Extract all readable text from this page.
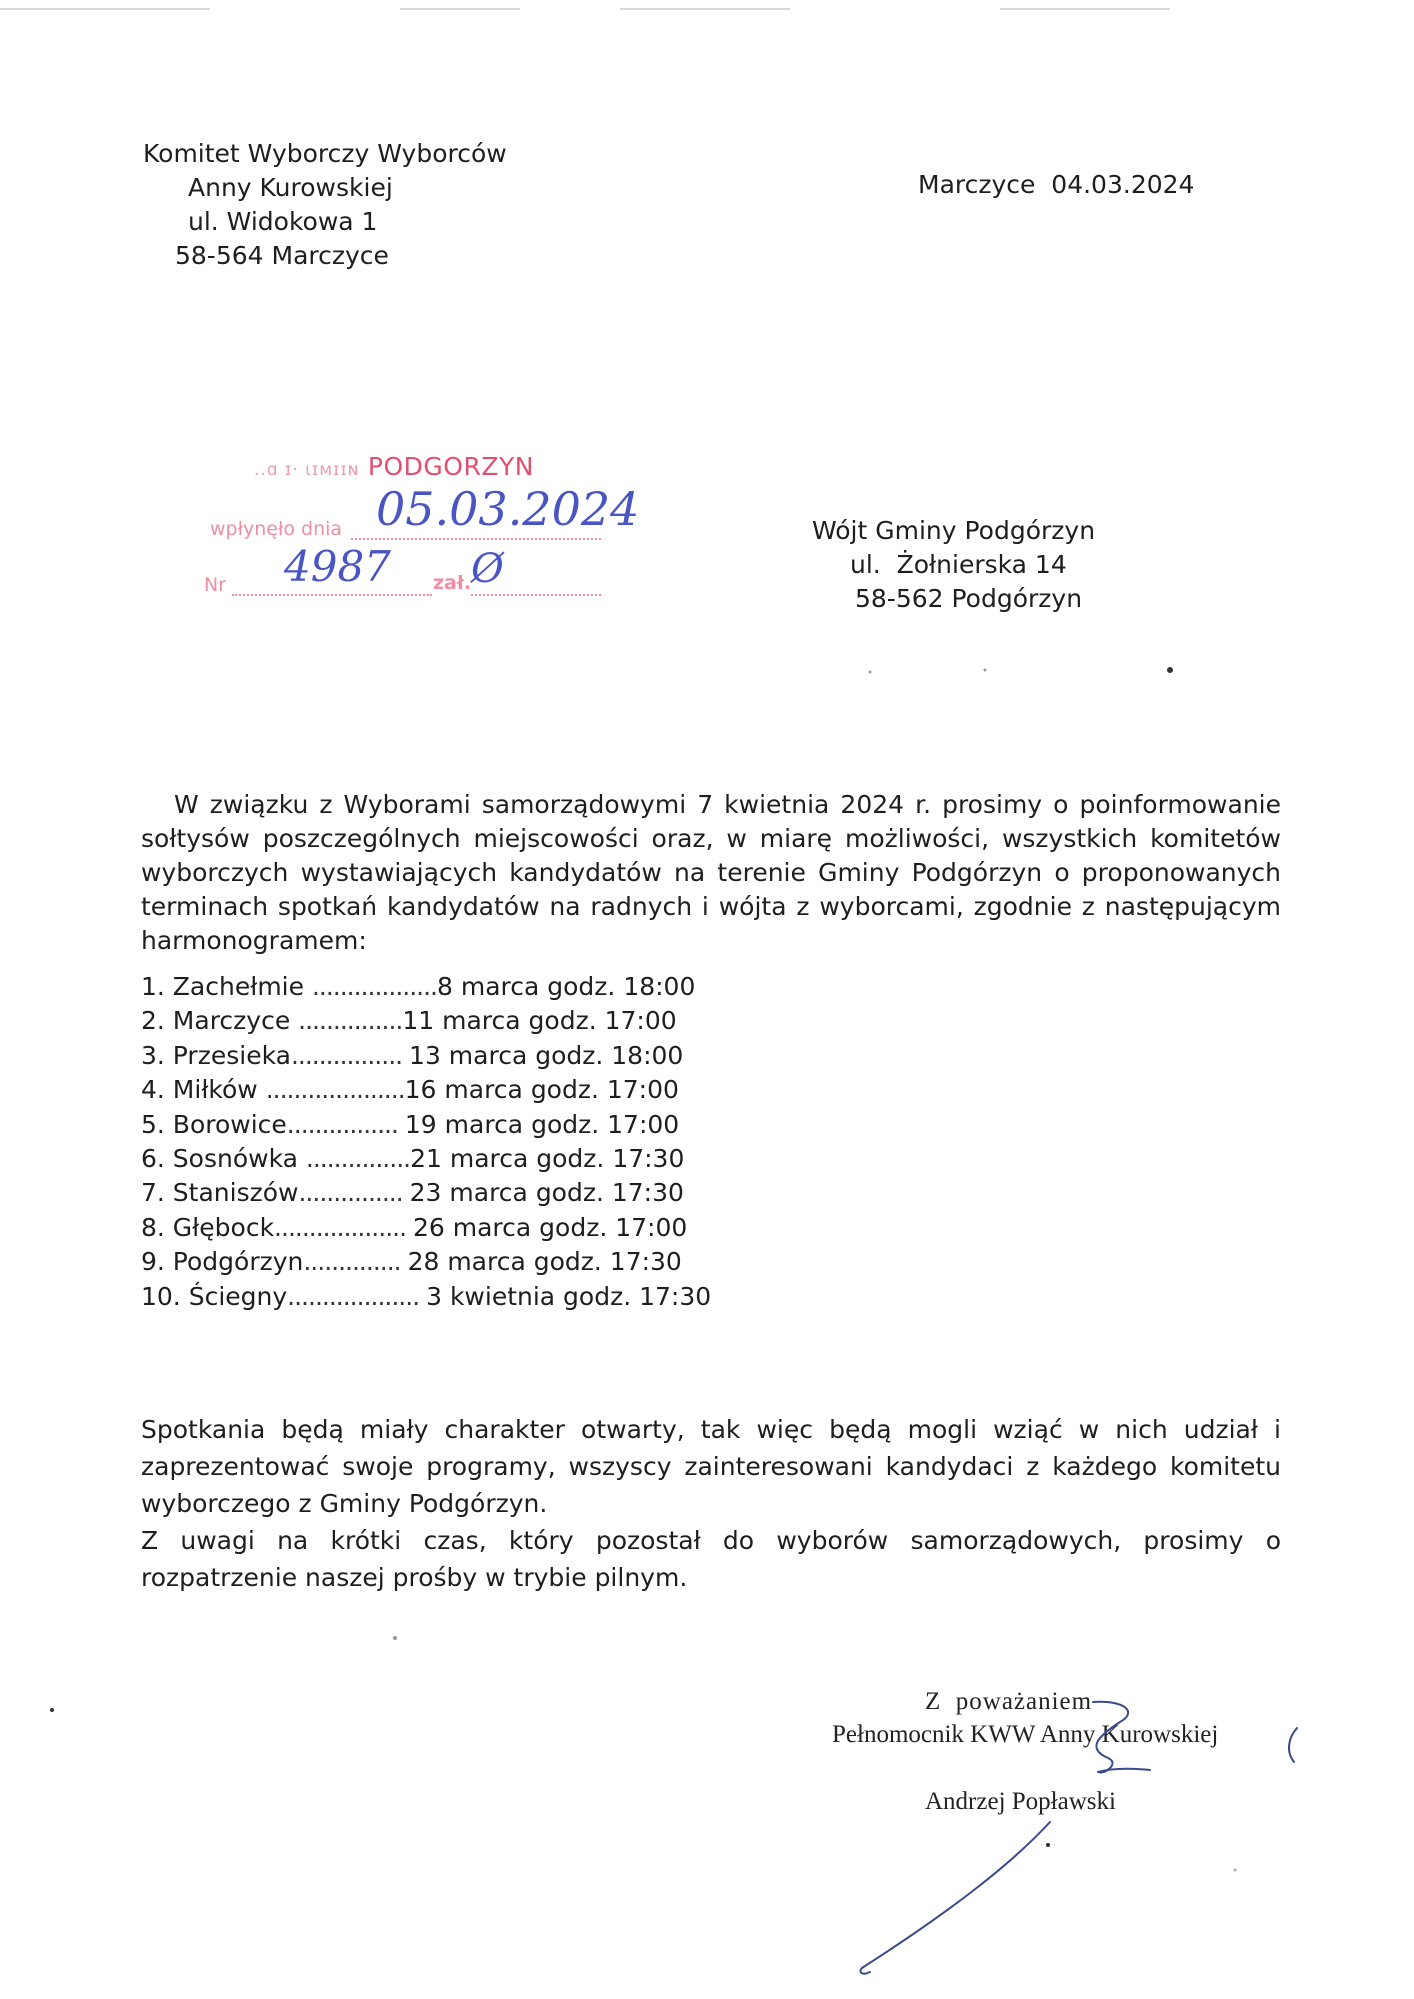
Komitet Wyborczy Wyborców
Anny Kurowskiej
ul. Widokowa 1
58-564 Marczyce
Marczyce  04.03.2024
..ɑ ɪ· ɩɪᴍɪɪɴ PODGORZYN
wpłynęło dnia 05.03.2024
Nr 4987 zał. Ø
Wójt Gminy Podgórzyn
ul.  Żołnierska 14
58-562 Podgórzyn

W związku z Wyborami samorządowymi 7 kwietnia 2024 r. prosimy o poinformowanie sołtysów poszczególnych miejscowości oraz, w miarę możliwości, wszystkich komitetów wyborczych wystawiających kandydatów na terenie Gminy Podgórzyn o proponowanych terminach spotkań kandydatów na radnych i wójta z wyborcami, zgodnie z następującym harmonogramem:

1. Zachełmie ..................8 marca godz. 18:00
2. Marczyce ...............11 marca godz. 17:00
3. Przesieka................ 13 marca godz. 18:00
4. Miłków ....................16 marca godz. 17:00
5. Borowice................ 19 marca godz. 17:00
6. Sosnówka ...............21 marca godz. 17:30
7. Staniszów............... 23 marca godz. 17:30
8. Głębock................... 26 marca godz. 17:00
9. Podgórzyn.............. 28 marca godz. 17:30
10. Ściegny................... 3 kwietnia godz. 17:30

Spotkania będą miały charakter otwarty, tak więc będą mogli wziąć w nich udział i zaprezentować swoje programy, wszyscy zainteresowani kandydaci z każdego komitetu wyborczego z Gminy Podgórzyn.

Z uwagi na krótki czas, który pozostał do wyborów samorządowych, prosimy o rozpatrzenie naszej prośby w trybie pilnym.

Z  poważaniem
Pełnomocnik KWW Anny Kurowskiej
Andrzej Popławski
